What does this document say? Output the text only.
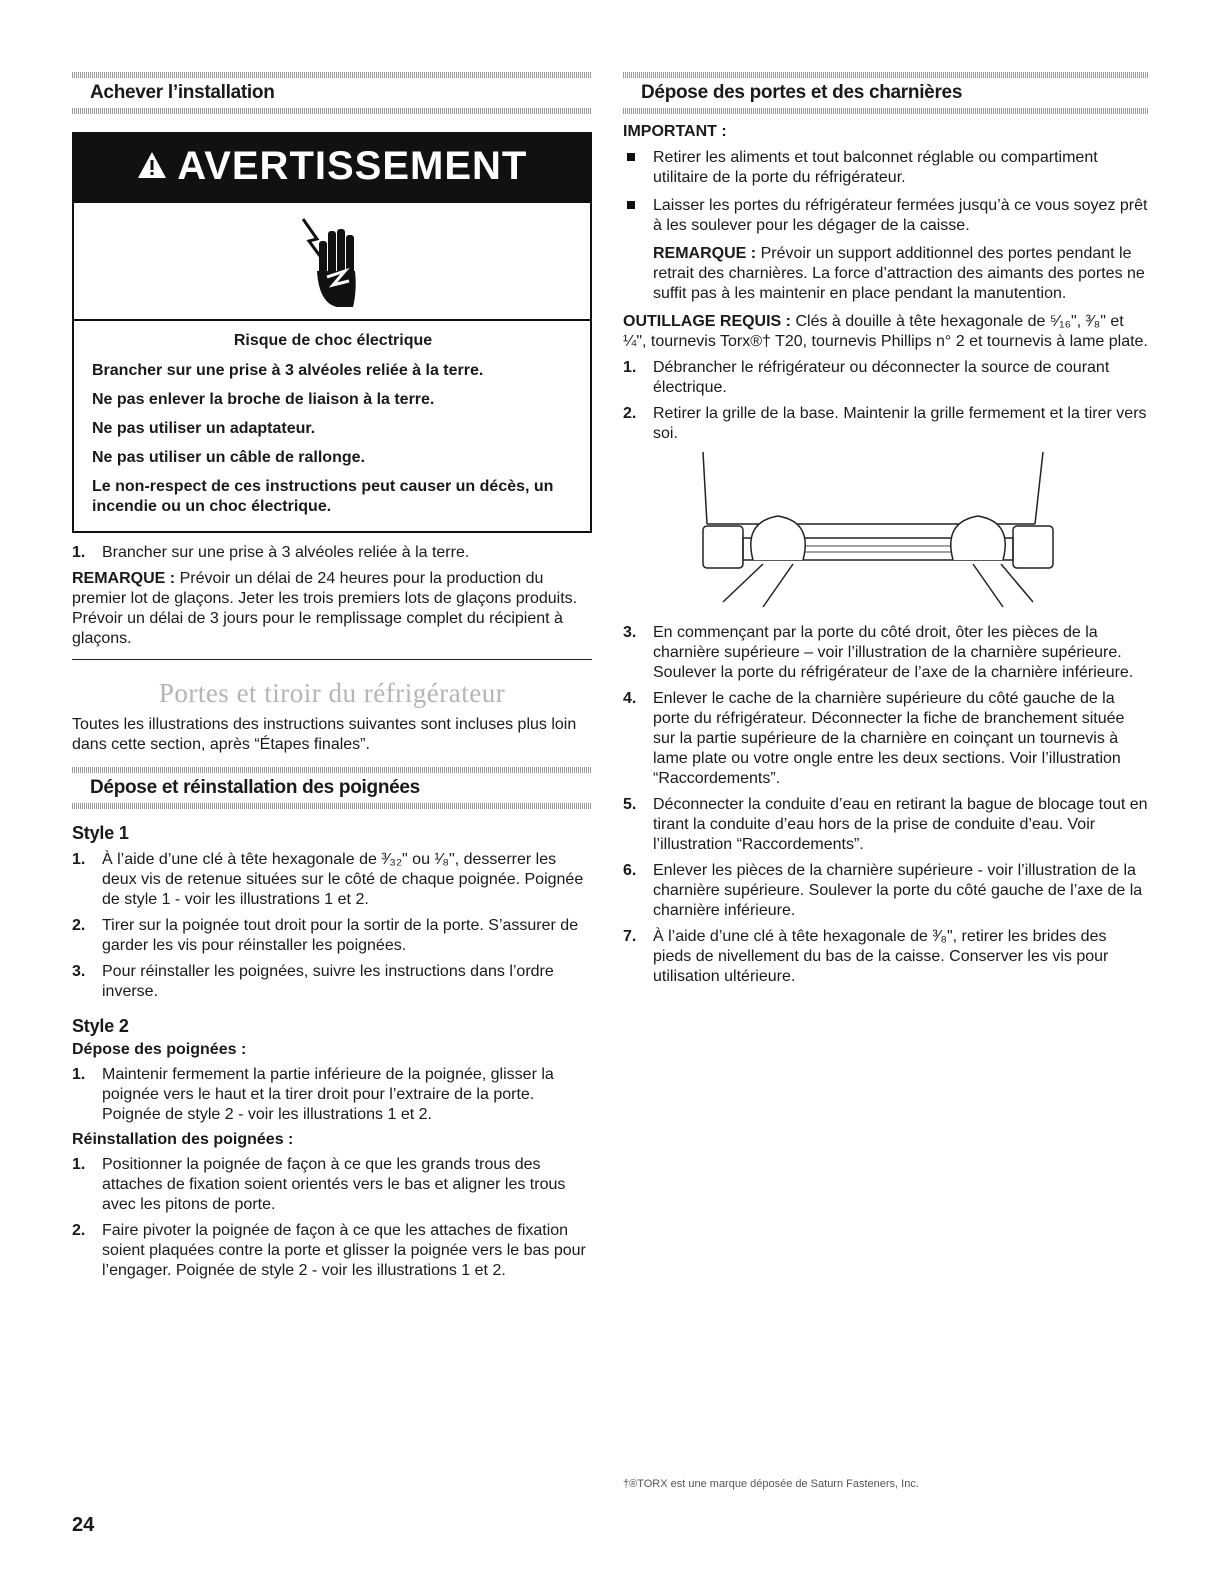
Achever l’installation
AVERTISSEMENT

Risque de choc électrique

Brancher sur une prise à 3 alvéoles reliée à la terre.

Ne pas enlever la broche de liaison à la terre.

Ne pas utiliser un adaptateur.

Ne pas utiliser un câble de rallonge.

Le non-respect de ces instructions peut causer un décès, un incendie ou un choc électrique.

1. Brancher sur une prise à 3 alvéoles reliée à la terre.

REMARQUE : Prévoir un délai de 24 heures pour la production du premier lot de glaçons. Jeter les trois premiers lots de glaçons produits. Prévoir un délai de 3 jours pour le remplissage complet du récipient à glaçons.

Portes et tiroir du réfrigérateur

Toutes les illustrations des instructions suivantes sont incluses plus loin dans cette section, après “Étapes finales”.

Dépose et réinstallation des poignées
Style 1
1. À l’aide d’une clé à tête hexagonale de ³⁄₃₂" ou ¹⁄₈", desserrer les deux vis de retenue situées sur le côté de chaque poignée. Poignée de style 1 - voir les illustrations 1 et 2.
2. Tirer sur la poignée tout droit pour la sortir de la porte. S’assurer de garder les vis pour réinstaller les poignées.
3. Pour réinstaller les poignées, suivre les instructions dans l’ordre inverse.
Style 2
Dépose des poignées :
1. Maintenir fermement la partie inférieure de la poignée, glisser la poignée vers le haut et la tirer droit pour l’extraire de la porte. Poignée de style 2 - voir les illustrations 1 et 2.
Réinstallation des poignées :
1. Positionner la poignée de façon à ce que les grands trous des attaches de fixation soient orientés vers le bas et aligner les trous avec les pitons de porte.
2. Faire pivoter la poignée de façon à ce que les attaches de fixation soient plaquées contre la porte et glisser la poignée vers le bas pour l’engager. Poignée de style 2 - voir les illustrations 1 et 2.
Dépose des portes et des charnières

IMPORTANT :

Retirer les aliments et tout balconnet réglable ou compartiment utilitaire de la porte du réfrigérateur.
Laisser les portes du réfrigérateur fermées jusqu’à ce vous soyez prêt à les soulever pour les dégager de la caisse.

REMARQUE : Prévoir un support additionnel des portes pendant le retrait des charnières. La force d’attraction des aimants des portes ne suffit pas à les maintenir en place pendant la manutention.

OUTILLAGE REQUIS : Clés à douille à tête hexagonale de ⁵⁄₁₆", ³⁄₈" et ¼", tournevis Torx®† T20, tournevis Phillips n° 2 et tournevis à lame plate.

1. Débrancher le réfrigérateur ou déconnecter la source de courant électrique.
2. Retirer la grille de la base. Maintenir la grille fermement et la tirer vers soi.
3. En commençant par la porte du côté droit, ôter les pièces de la charnière supérieure – voir l’illustration de la charnière supérieure. Soulever la porte du réfrigérateur de l’axe de la charnière inférieure.
4. Enlever le cache de la charnière supérieure du côté gauche de la porte du réfrigérateur. Déconnecter la fiche de branchement située sur la partie supérieure de la charnière en coinçant un tournevis à lame plate ou votre ongle entre les deux sections. Voir l’illustration “Raccordements”.
5. Déconnecter la conduite d’eau en retirant la bague de blocage tout en tirant la conduite d’eau hors de la prise de conduite d’eau. Voir l’illustration “Raccordements”.
6. Enlever les pièces de la charnière supérieure - voir l’illustration de la charnière supérieure. Soulever la porte du côté gauche de l’axe de la charnière inférieure.
7. À l’aide d’une clé à tête hexagonale de ³⁄₈", retirer les brides des pieds de nivellement du bas de la caisse. Conserver les vis pour utilisation ultérieure.
†®TORX est une marque déposée de Saturn Fasteners, Inc.
24
